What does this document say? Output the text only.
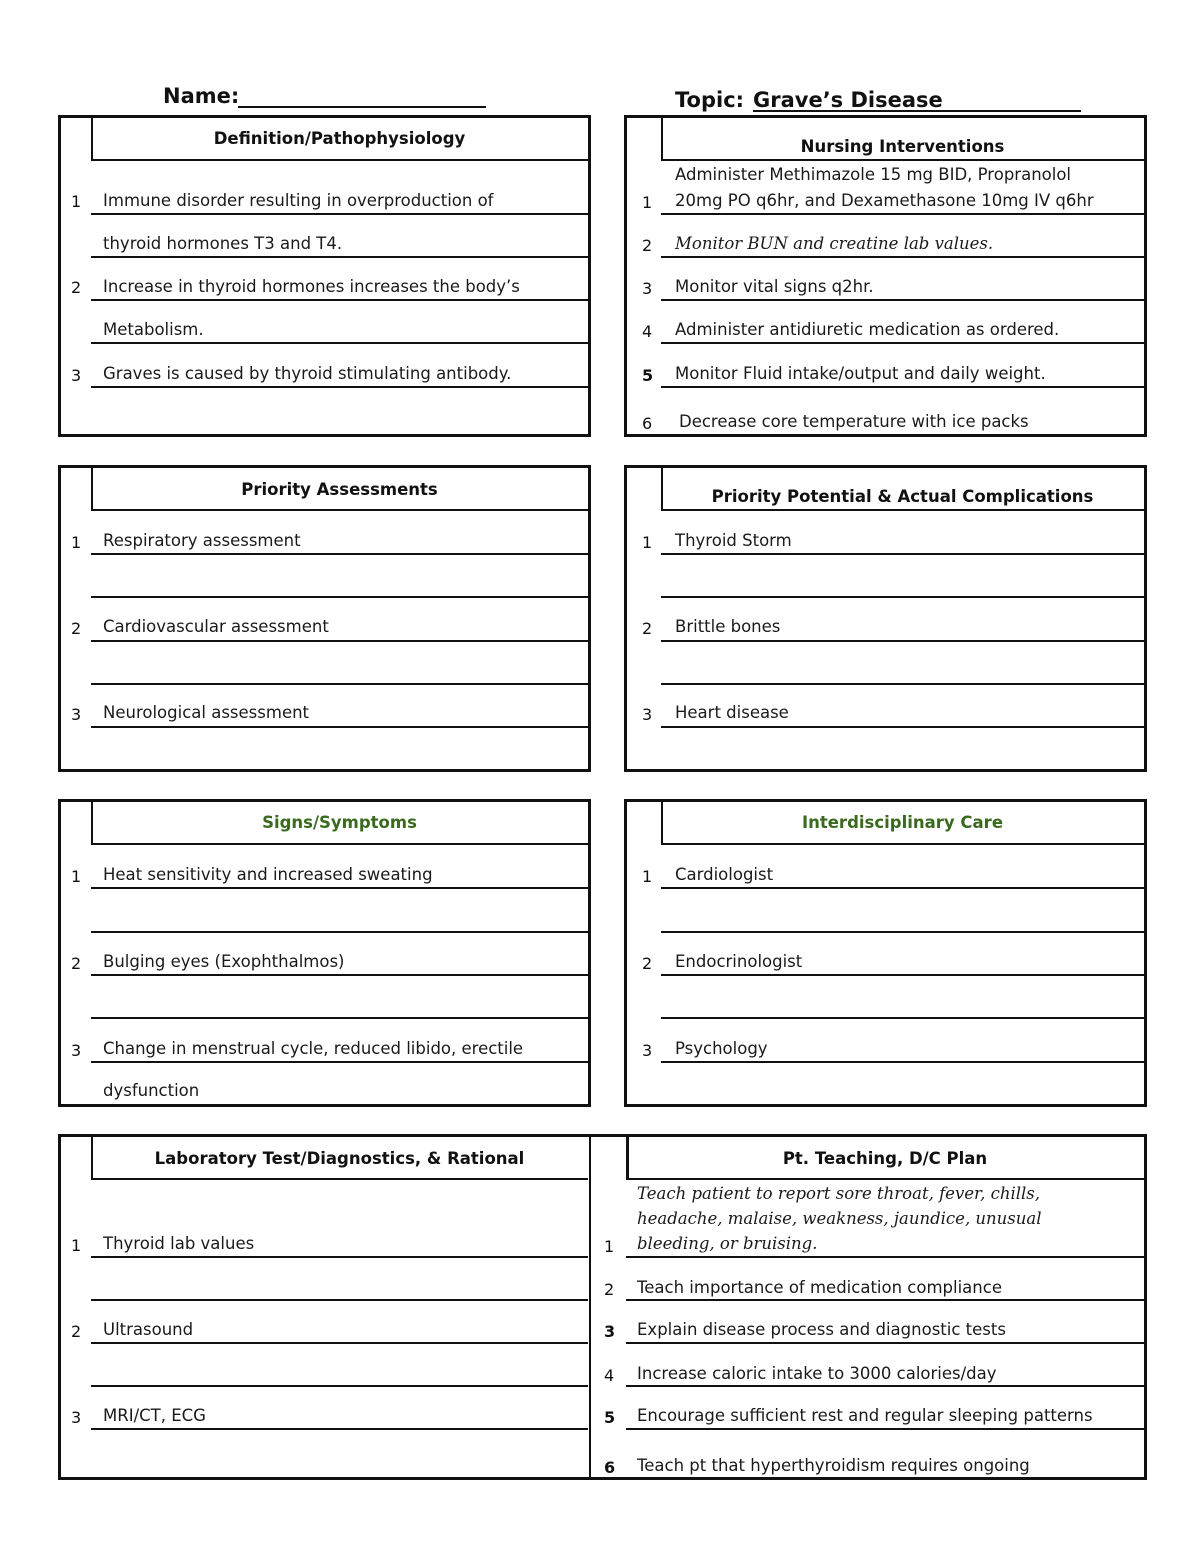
Name:	Topic: Grave’s Disease
Definition/Pathophysiology
1 Immune disorder resulting in overproduction of
thyroid hormones T3 and T4.
2 Increase in thyroid hormones increases the body’s
Metabolism.
3 Graves is caused by thyroid stimulating antibody.
Nursing Interventions
1
Administer Methimazole 15 mg BID, Propranolol
20mg PO q6hr, and Dexamethasone 10mg IV q6hr
2 Monitor BUN and creatine lab values.
3 Monitor vital signs q2hr.
4 Administer antidiuretic medication as ordered.
5 Monitor Fluid intake/output and daily weight.
6 Decrease core temperature with ice packs
Priority Assessments
1 Respiratory assessment
2 Cardiovascular assessment
3 Neurological assessment
Priority Potential & Actual Complications
1 Thyroid Storm
2 Brittle bones
3 Heart disease
Signs/Symptoms
1 Heat sensitivity and increased sweating
2 Bulging eyes (Exophthalmos)
3 Change in menstrual cycle, reduced libido, erectile
dysfunction
Interdisciplinary Care
1 Cardiologist
2 Endocrinologist
3 Psychology
Laboratory Test/Diagnostics, & Rational
1 Thyroid lab values
2 Ultrasound
3 MRI/CT, ECG
Pt. Teaching, D/C Plan
1
Teach patient to report sore throat, fever, chills, headache, malaise, weakness, jaundice, unusual bleeding, or bruising.
2 Teach importance of medication compliance
3 Explain disease process and diagnostic tests
4 Increase caloric intake to 3000 calories/day
5 Encourage sufficient rest and regular sleeping patterns
6 Teach pt that hyperthyroidism requires ongoing
